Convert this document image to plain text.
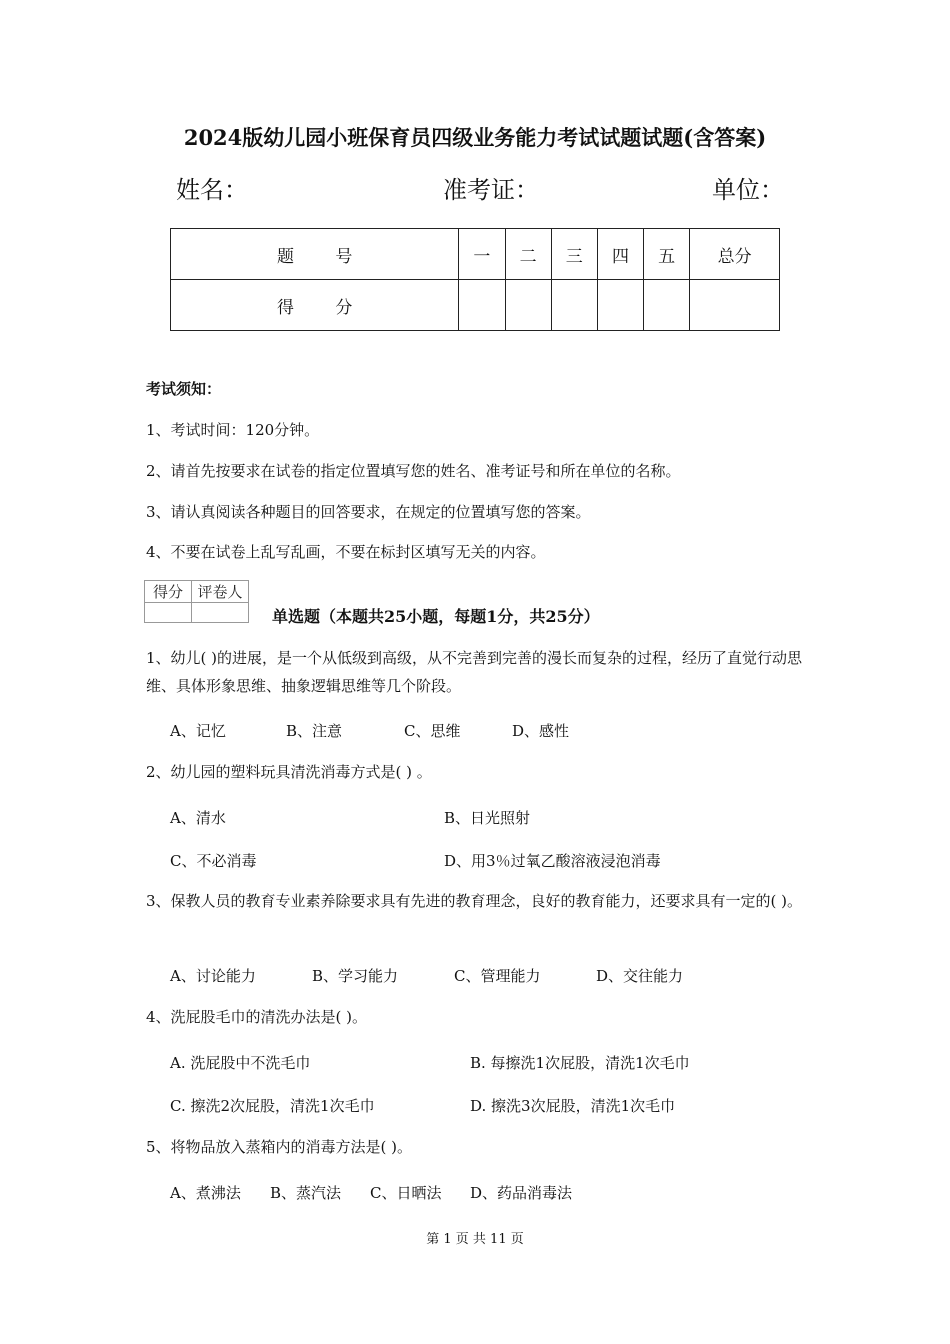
2024版幼儿园小班保育员四级业务能力考试试题试题(含答案)
姓名：	准考证：	单位：
题 号	一	二	三	四	五	总分
得 分						
考试须知：
1、考试时间：120分钟。
2、请首先按要求在试卷的指定位置填写您的姓名、准考证号和所在单位的名称。
3、请认真阅读各种题目的回答要求，在规定的位置填写您的答案。
4、不要在试卷上乱写乱画，不要在标封区填写无关的内容。
得分	评卷人

单选题（本题共25小题，每题1分，共25分）
1、幼儿( )的进展，是一个从低级到高级，从不完善到完善的漫长而复杂的过程，经历了直觉行动思维、具体形象思维、抽象逻辑思维等几个阶段。
A、记忆	B、注意	C、思维	D、感性
2、幼儿园的塑料玩具清洗消毒方式是( ) 。
A、清水	B、日光照射
C、不必消毒	D、用3％过氧乙酸溶液浸泡消毒
3、保教人员的教育专业素养除要求具有先进的教育理念，良好的教育能力，还要求具有一定的( )。
A、讨论能力	B、学习能力	C、管理能力	D、交往能力
4、洗屁股毛巾的清洗办法是( )。
A. 洗屁股中不洗毛巾	B. 每擦洗1次屁股，清洗1次毛巾
C. 擦洗2次屁股，清洗1次毛巾	D. 擦洗3次屁股，清洗1次毛巾
5、将物品放入蒸箱内的消毒方法是( )。
A、煮沸法 B、蒸汽法 C、日晒法 D、药品消毒法
第 1 页 共 11 页
